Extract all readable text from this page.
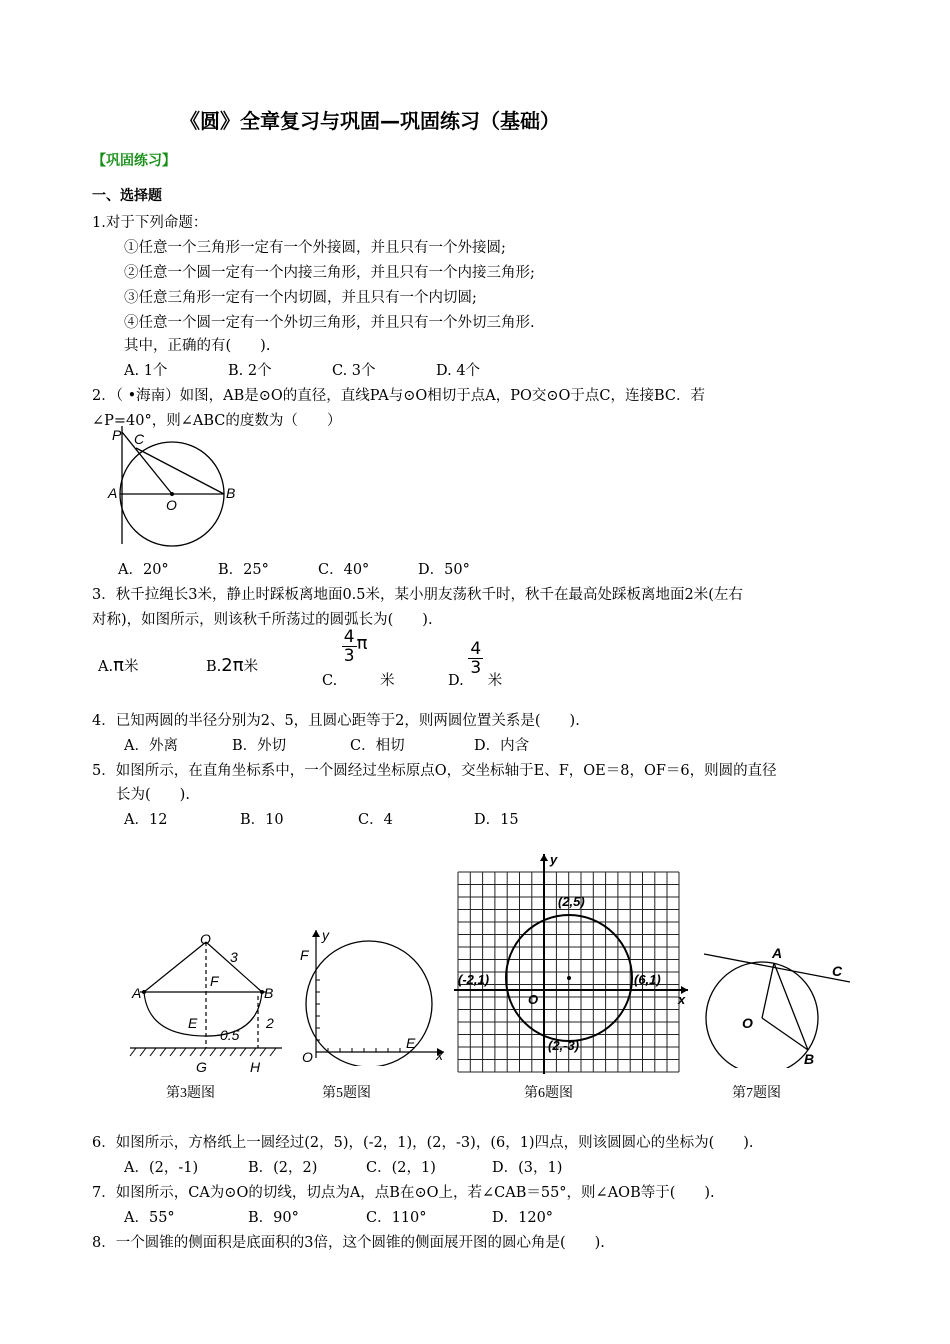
《圆》全章复习与巩固—巩固练习（基础）
【巩固练习】
一、选择题
1.对于下列命题：
①任意一个三角形一定有一个外接圆，并且只有一个外接圆;
②任意一个圆一定有一个内接三角形，并且只有一个内接三角形;
③任意三角形一定有一个内切圆，并且只有一个内切圆;
④任意一个圆一定有一个外切三角形，并且只有一个外切三角形.
其中，正确的有(　　).
A. 1个	B. 2个	C. 3个	D. 4个
2．（ •海南）如图，AB是⊙O的直径，直线PA与⊙O相切于点A，PO交⊙O于点C，连接BC．若
∠P=40°，则∠ABC的度数为（　　）
P C
A
O
B
A．20°	B．25°	C．40°	D．50°
3．秋千拉绳长3米，静止时踩板离地面0.5米，某小朋友荡秋千时，秋千在最高处踩板离地面2米(左右
对称)，如图所示，则该秋千所荡过的圆弧长为(　　).
A.π米	B.2π米
C.
$\frac{4}{3}$ π 米	D.
$\frac{4}{3}$
米
4．已知两圆的半径分别为2、5，且圆心距等于2，则两圆位置关系是(　　).
A．外离	B．外切	C．相切	D．内含
5．如图所示，在直角坐标系中，一个圆经过坐标原点O，交坐标轴于E、F，OE＝8，OF＝6，则圆的直径
长为(　　).
A．12	B．10	C．4	D．15
O
3
A
F
B
E
0.5
2
G	H
第3题图
y
F
E
O	x
第5题图
y
(2,5)
(-2,1)	(6,1)
(2,-3)
O	x
第6题图
A
C
O
B
第7题图
6．如图所示，方格纸上一圆经过(2，5)，(-2，1)，(2，-3)，(6，1)四点，则该圆圆心的坐标为(　　).
A．(2，-1)	B．(2，2)	C．(2，1)	D．(3，1)
7．如图所示，CA为⊙O的切线，切点为A，点B在⊙O上，若∠CAB＝55°，则∠AOB等于(　　).
A．55°	B．90°	C．110°	D．120°
8．一个圆锥的侧面积是底面积的3倍，这个圆锥的侧面展开图的圆心角是(　　).
